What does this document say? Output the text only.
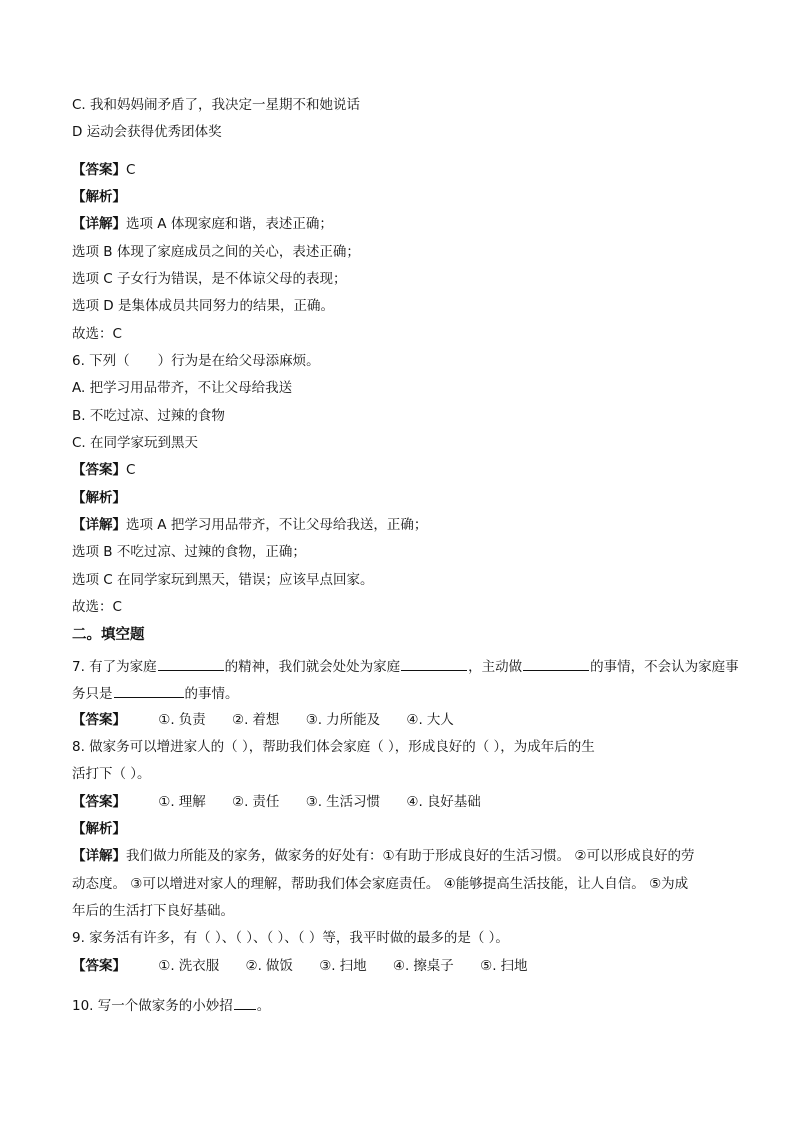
C. 我和妈妈闹矛盾了，我决定一星期不和她说话
D 运动会获得优秀团体奖
【答案】C
【解析】
【详解】选项 A 体现家庭和谐，表述正确；
选项 B 体现了家庭成员之间的关心，表述正确；
选项 C 子女行为错误，是不体谅父母的表现；
选项 D 是集体成员共同努力的结果，正确。
故选：C
6. 下列（ ）行为是在给父母添麻烦。
A. 把学习用品带齐，不让父母给我送
B. 不吃过凉、过辣的食物
C. 在同学家玩到黑天
【答案】C
【解析】
【详解】选项 A 把学习用品带齐，不让父母给我送，正确；
选项 B 不吃过凉、过辣的食物，正确；
选项 C 在同学家玩到黑天，错误；应该早点回家。
故选：C
二。填空题
7. 有了为家庭	的精神，我们就会处处为家庭	，主动做	的事情，不会认为家庭事
务只是	的事情。
【答案】 ①. 负责 ②. 着想 ③. 力所能及 ④. 大人
8. 做家务可以增进家人的（ ），帮助我们体会家庭（ ），形成良好的（ ），为成年后的生
活打下（ ）。
【答案】 ①. 理解 ②. 责任 ③. 生活习惯 ④. 良好基础
【解析】
【详解】我们做力所能及的家务，做家务的好处有：①有助于形成良好的生活习惯。 ②可以形成良好的劳
动态度。 ③可以增进对家人的理解，帮助我们体会家庭责任。 ④能够提高生活技能，让人自信。 ⑤为成
年后的生活打下良好基础。
9. 家务活有许多，有（ ）、（ ）、（ ）、（ ）等，我平时做的最多的是（ ）。
【答案】 ①. 洗衣服 ②. 做饭 ③. 扫地 ④. 擦桌子 ⑤. 扫地
10. 写一个做家务的小妙招 。
